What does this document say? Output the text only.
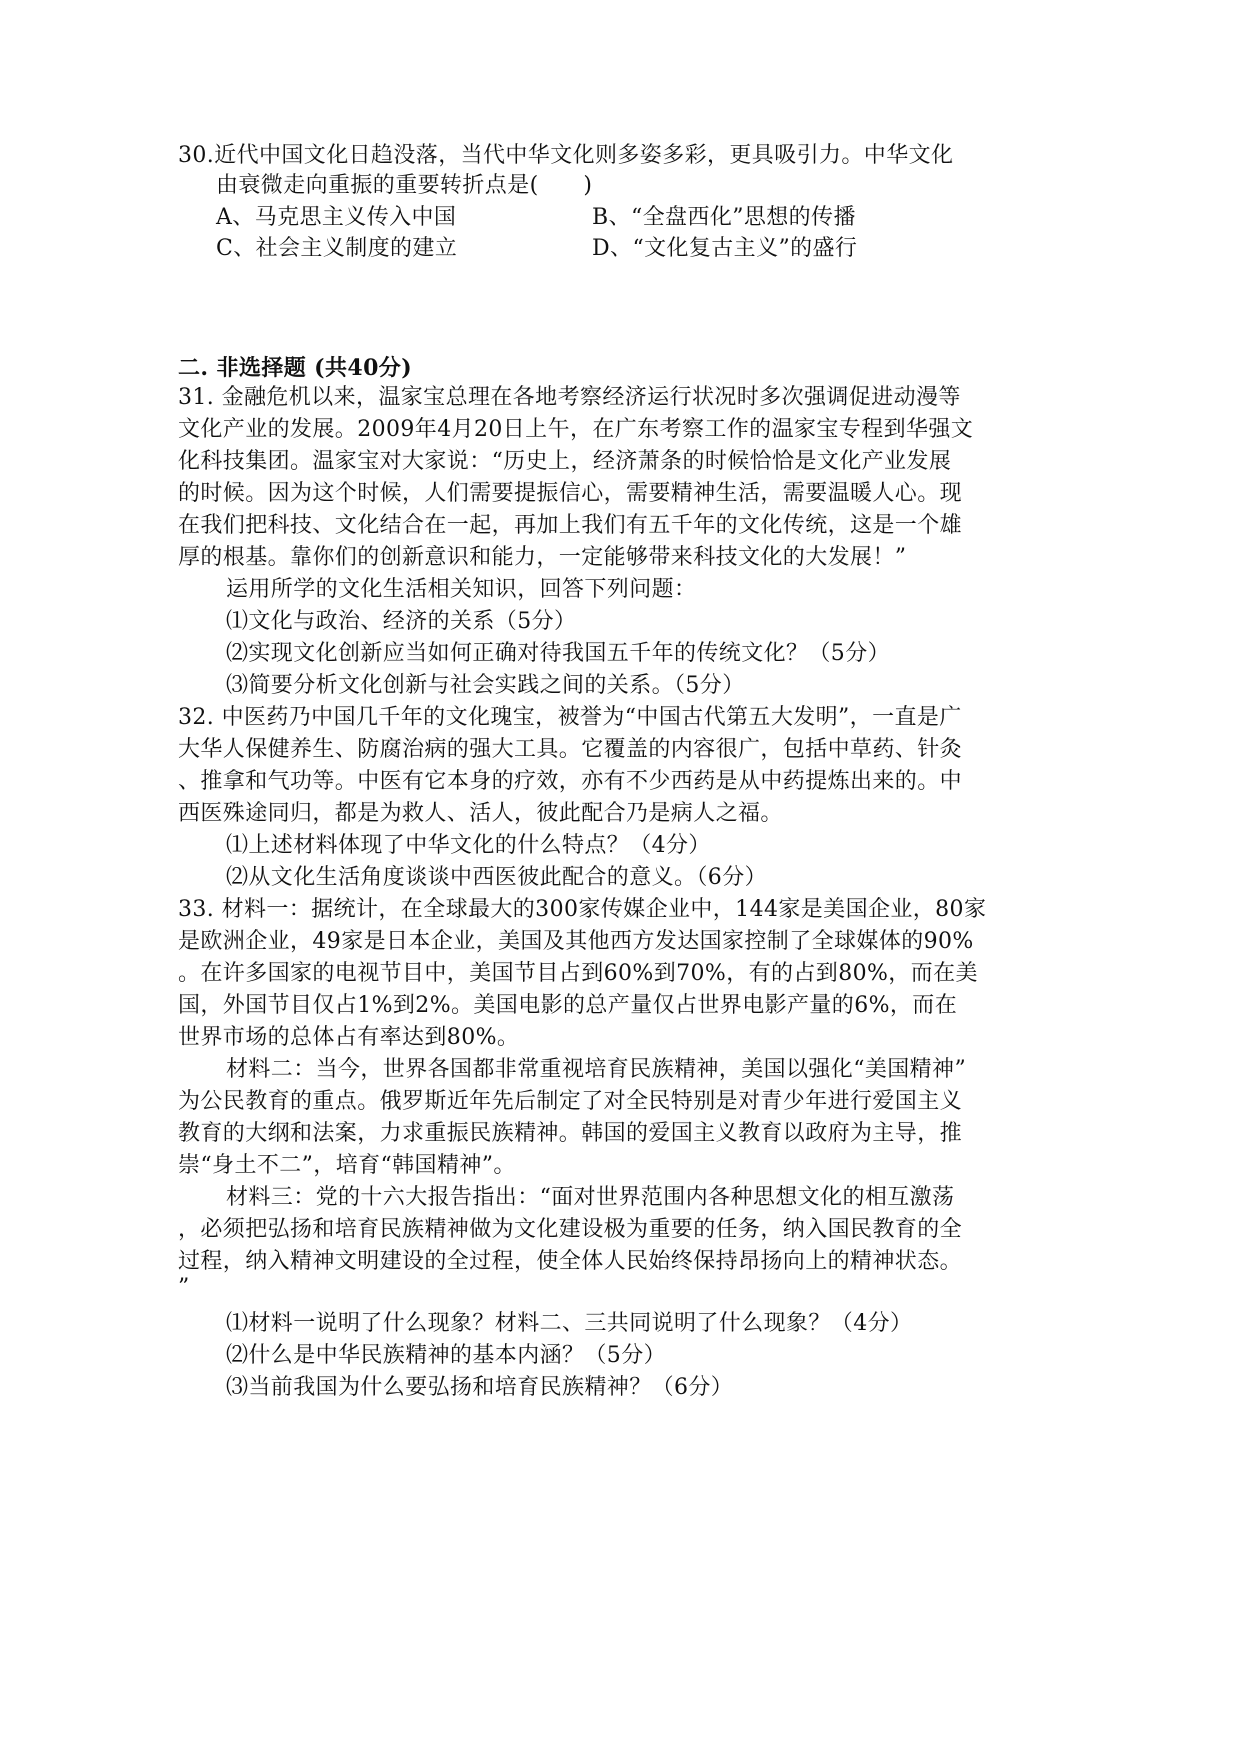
30.近代中国文化日趋没落，当代中华文化则多姿多彩，更具吸引力。中华文化
由衰微走向重振的重要转折点是(　　)
A、马克思主义传入中国	B、“全盘西化”思想的传播
C、社会主义制度的建立	D、“文化复古主义”的盛行
二. 非选择题 (共40分)
31. 金融危机以来，温家宝总理在各地考察经济运行状况时多次强调促进动漫等
文化产业的发展。2009年4月20日上午，在广东考察工作的温家宝专程到华强文
化科技集团。温家宝对大家说：“历史上，经济萧条的时候恰恰是文化产业发展
的时候。因为这个时候，人们需要提振信心，需要精神生活，需要温暖人心。现
在我们把科技、文化结合在一起，再加上我们有五千年的文化传统，这是一个雄
厚的根基。靠你们的创新意识和能力，一定能够带来科技文化的大发展！”
运用所学的文化生活相关知识，回答下列问题：
⑴文化与政治、经济的关系（5分）
⑵实现文化创新应当如何正确对待我国五千年的传统文化？（5分）
⑶简要分析文化创新与社会实践之间的关系。（5分）
32. 中医药乃中国几千年的文化瑰宝，被誉为“中国古代第五大发明”，一直是广
大华人保健养生、防腐治病的强大工具。它覆盖的内容很广，包括中草药、针灸
、推拿和气功等。中医有它本身的疗效，亦有不少西药是从中药提炼出来的。中
西医殊途同归，都是为救人、活人，彼此配合乃是病人之福。
⑴上述材料体现了中华文化的什么特点？（4分）
⑵从文化生活角度谈谈中西医彼此配合的意义。（6分）
33. 材料一：据统计，在全球最大的300家传媒企业中，144家是美国企业，80家
是欧洲企业，49家是日本企业，美国及其他西方发达国家控制了全球媒体的90%
。在许多国家的电视节目中，美国节目占到60%到70%，有的占到80%，而在美
国，外国节目仅占1%到2%。美国电影的总产量仅占世界电影产量的6%，而在
世界市场的总体占有率达到80%。
材料二：当今，世界各国都非常重视培育民族精神，美国以强化“美国精神”
为公民教育的重点。俄罗斯近年先后制定了对全民特别是对青少年进行爱国主义
教育的大纲和法案，力求重振民族精神。韩国的爱国主义教育以政府为主导，推
崇“身土不二”，培育“韩国精神”。
材料三：党的十六大报告指出：“面对世界范围内各种思想文化的相互激荡
，必须把弘扬和培育民族精神做为文化建设极为重要的任务，纳入国民教育的全
过程，纳入精神文明建设的全过程，使全体人民始终保持昂扬向上的精神状态。
”
⑴材料一说明了什么现象？材料二、三共同说明了什么现象？（4分）
⑵什么是中华民族精神的基本内涵？（5分）
⑶当前我国为什么要弘扬和培育民族精神？（6分）
